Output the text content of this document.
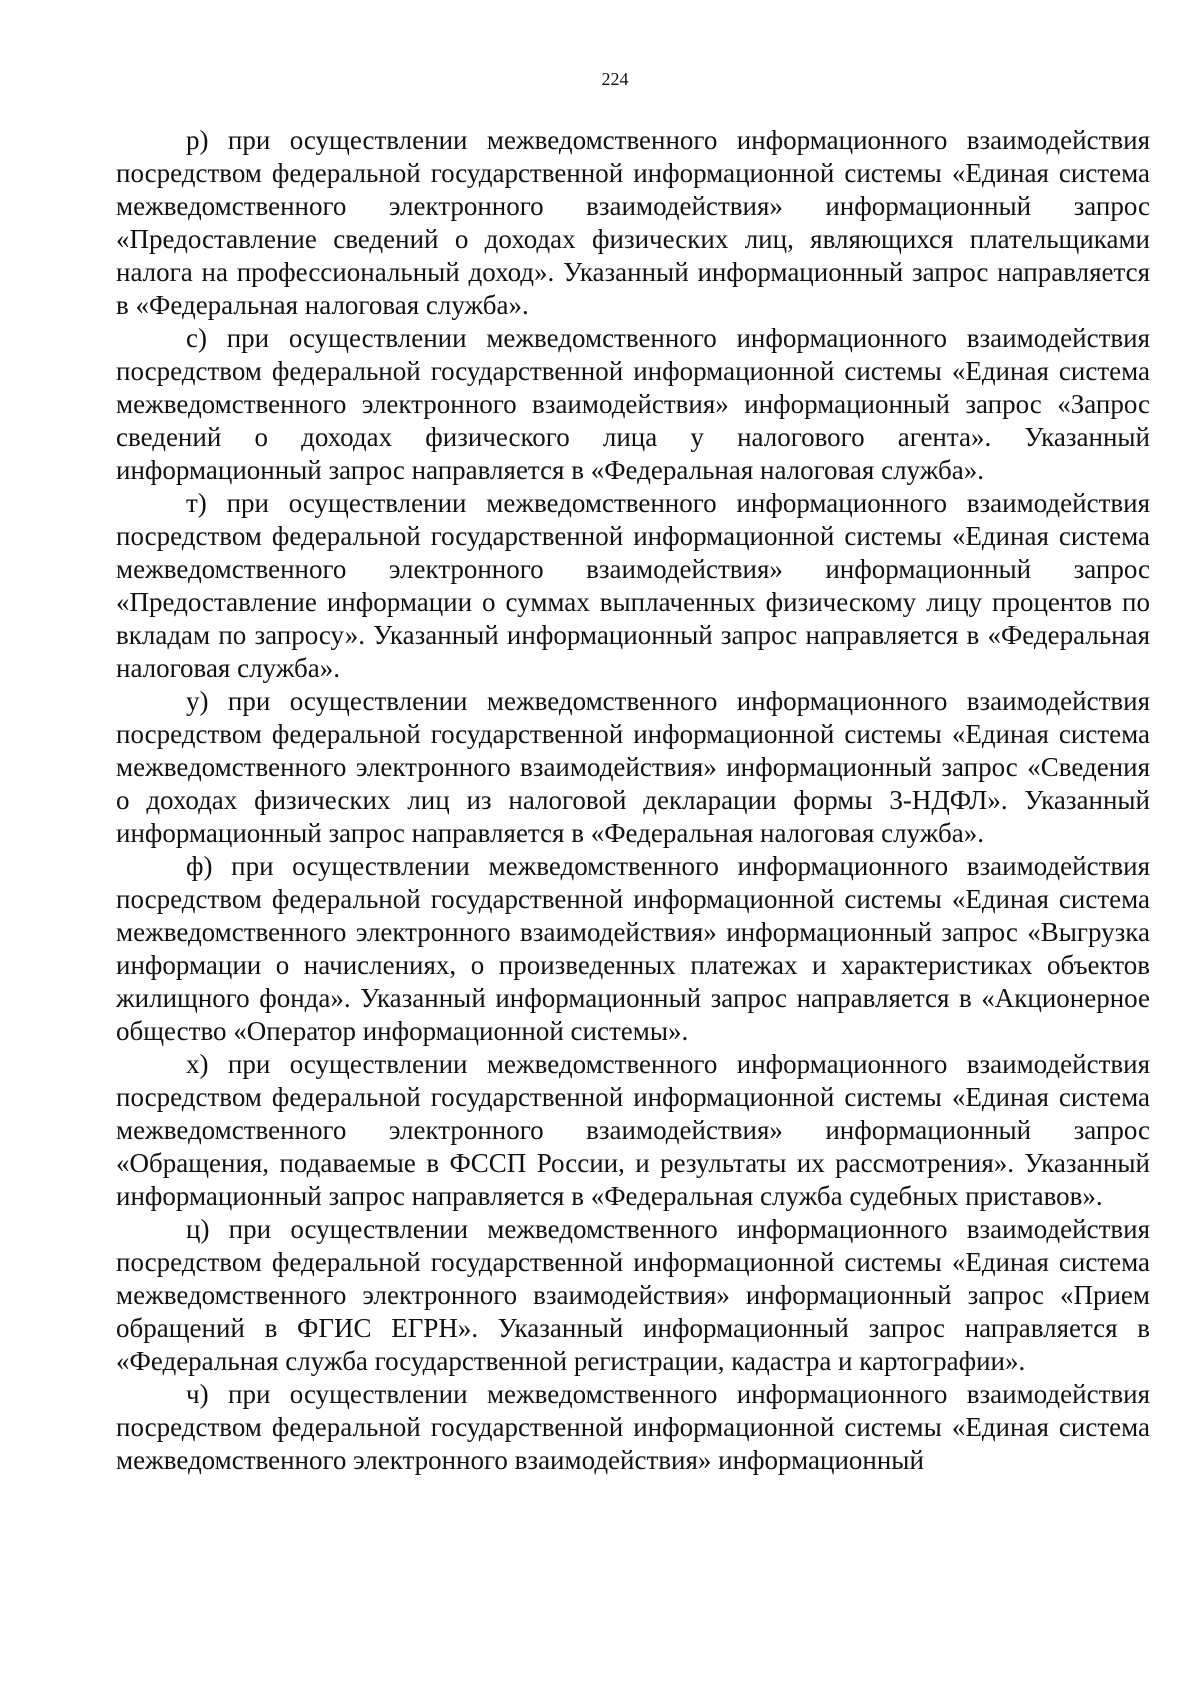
224

р) при осуществлении межведомственного информационного взаимодействия посредством федеральной государственной информационной системы «Единая система межведомственного электронного взаимодействия» информационный запрос «Предоставление сведений о доходах физических лиц, являющихся плательщиками налога на профессиональный доход». Указанный информационный запрос направляется в «Федеральная налоговая служба».

с) при осуществлении межведомственного информационного взаимодействия посредством федеральной государственной информационной системы «Единая система межведомственного электронного взаимодействия» информационный запрос «Запрос сведений о доходах физического лица у налогового агента». Указанный информационный запрос направляется в «Федеральная налоговая служба».

т) при осуществлении межведомственного информационного взаимодействия посредством федеральной государственной информационной системы «Единая система межведомственного электронного взаимодействия» информационный запрос «Предоставление информации о суммах выплаченных физическому лицу процентов по вкладам по запросу». Указанный информационный запрос направляется в «Федеральная налоговая служба».

у) при осуществлении межведомственного информационного взаимодействия посредством федеральной государственной информационной системы «Единая система межведомственного электронного взаимодействия» информационный запрос «Сведения о доходах физических лиц из налоговой декларации формы 3-НДФЛ». Указанный информационный запрос направляется в «Федеральная налоговая служба».

ф) при осуществлении межведомственного информационного взаимодействия посредством федеральной государственной информационной системы «Единая система межведомственного электронного взаимодействия» информационный запрос «Выгрузка информации о начислениях, о произведенных платежах и характеристиках объектов жилищного фонда». Указанный информационный запрос направляется в «Акционерное общество «Оператор информационной системы».

х) при осуществлении межведомственного информационного взаимодействия посредством федеральной государственной информационной системы «Единая система межведомственного электронного взаимодействия» информационный запрос «Обращения, подаваемые в ФССП России, и результаты их рассмотрения». Указанный информационный запрос направляется в «Федеральная служба судебных приставов».

ц) при осуществлении межведомственного информационного взаимодействия посредством федеральной государственной информационной системы «Единая система межведомственного электронного взаимодействия» информационный запрос «Прием обращений в ФГИС ЕГРН». Указанный информационный запрос направляется в «Федеральная служба государственной регистрации, кадастра и картографии».

ч) при осуществлении межведомственного информационного взаимодействия посредством федеральной государственной информационной системы «Единая система межведомственного электронного взаимодействия» информационный
